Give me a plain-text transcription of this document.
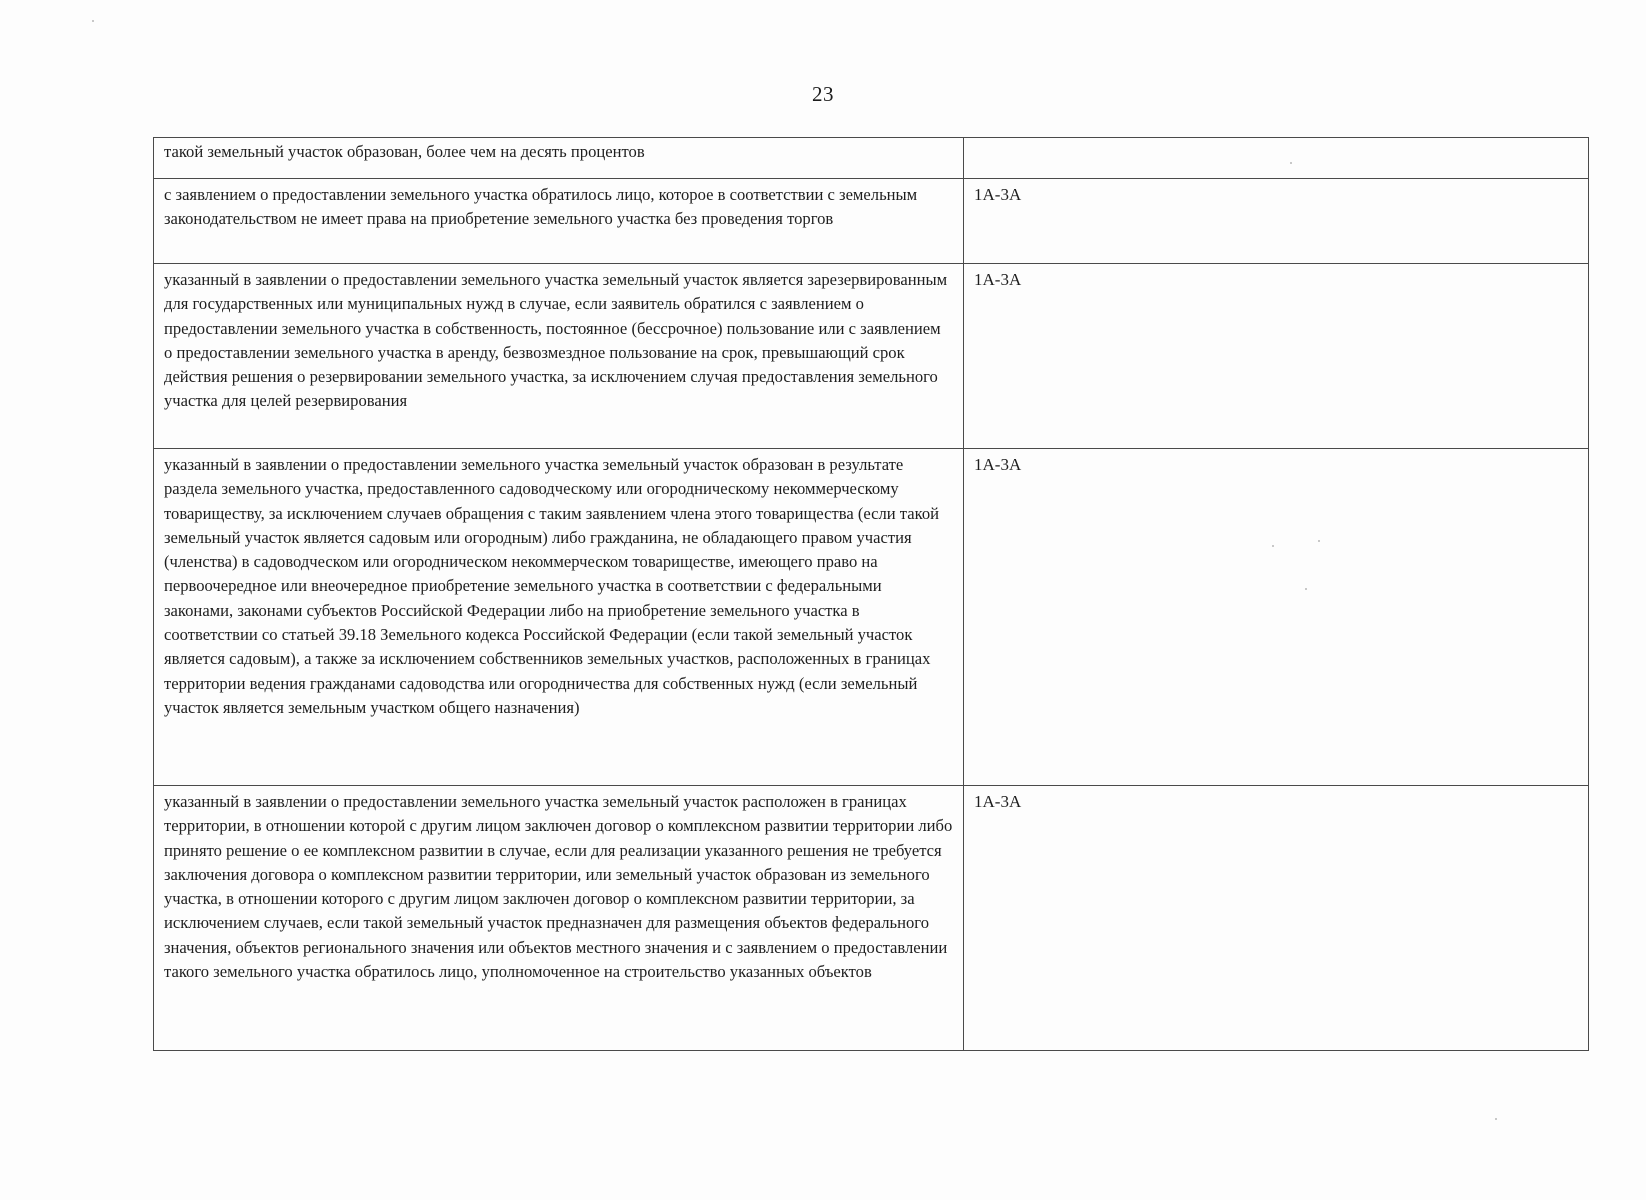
23
такой земельный участок образован, более чем на десять процентов	
с заявлением о предоставлении земельного участка обратилось лицо, которое в соответствии с земельным законодательством не имеет права на приобретение земельного участка без проведения торгов	1А-3А
указанный в заявлении о предоставлении земельного участка земельный участок является зарезервированным для государственных или муниципальных нужд в случае, если заявитель обратился с заявлением о предоставлении земельного участка в собственность, постоянное (бессрочное) пользование или с заявлением о предоставлении земельного участка в аренду, безвозмездное пользование на срок, превышающий срок действия решения о резервировании земельного участка, за исключением случая предоставления земельного участка для целей резервирования	1А-3А
указанный в заявлении о предоставлении земельного участка земельный участок образован в результате раздела земельного участка, предоставленного садоводческому или огородническому некоммерческому товариществу, за исключением случаев обращения с таким заявлением члена этого товарищества (если такой земельный участок является садовым или огородным) либо гражданина, не обладающего правом участия (членства) в садоводческом или огородническом некоммерческом товариществе, имеющего право на первоочередное или внеочередное приобретение земельного участка в соответствии с федеральными законами, законами субъектов Российской Федерации либо на приобретение земельного участка в соответствии со статьей 39.18 Земельного кодекса Российской Федерации (если такой земельный участок является садовым), а также за исключением собственников земельных участков, расположенных в границах территории ведения гражданами садоводства или огородничества для собственных нужд (если земельный участок является земельным участком общего назначения)	1А-3А
указанный в заявлении о предоставлении земельного участка земельный участок расположен в границах территории, в отношении которой с другим лицом заключен договор о комплексном развитии территории либо принято решение о ее комплексном развитии в случае, если для реализации указанного решения не требуется заключения договора о комплексном развитии территории, или земельный участок образован из земельного участка, в отношении которого с другим лицом заключен договор о комплексном развитии территории, за исключением случаев, если такой земельный участок предназначен для размещения объектов федерального значения, объектов регионального значения или объектов местного значения и с заявлением о предоставлении такого земельного участка обратилось лицо, уполномоченное на строительство указанных объектов	1А-3А
